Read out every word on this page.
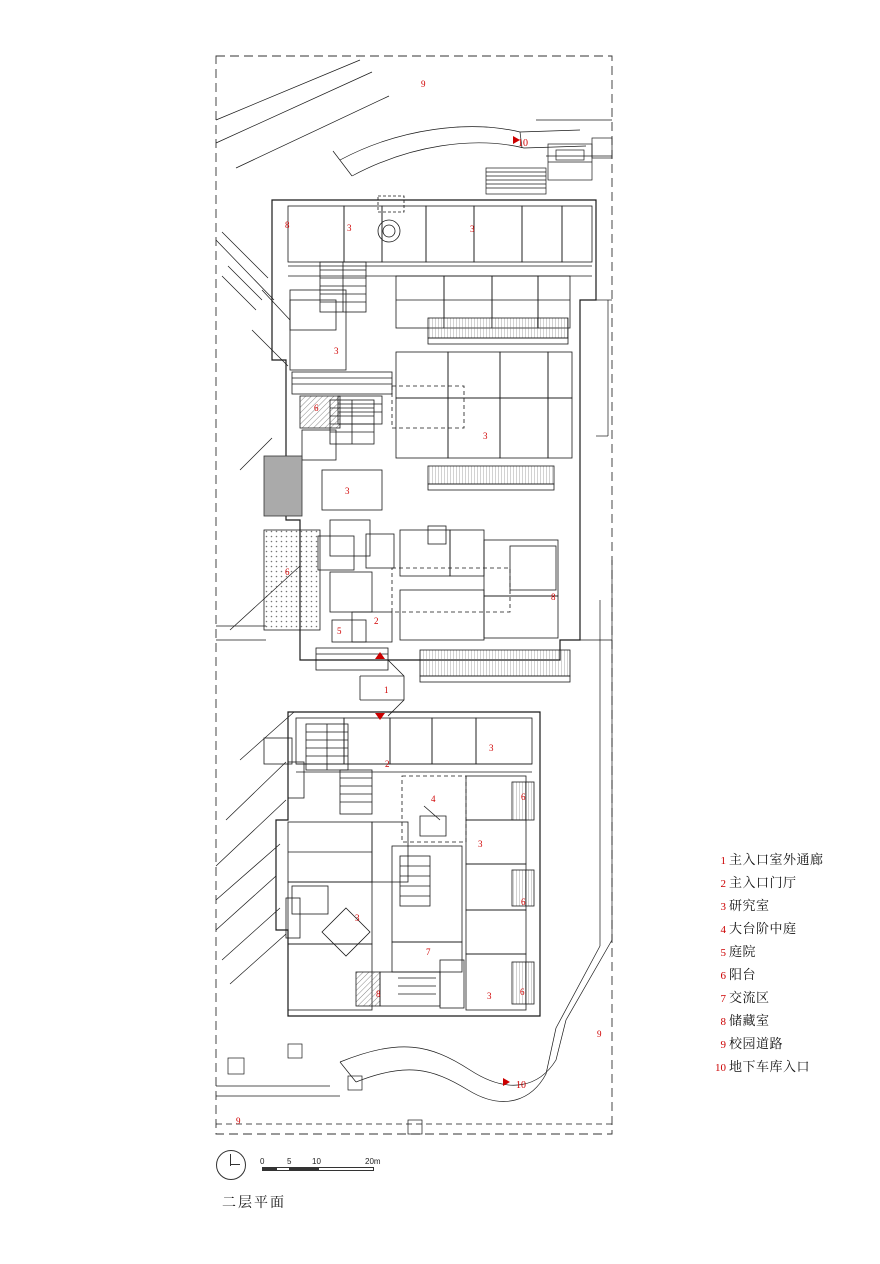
9
10
8	3	3
3
6
3
3
6
8
2
5
1
3
2
4	6
3
3
6
7
6
3
8
9
10
9
1 主入口室外通廊
2 主入口门厅
3 研究室
4 大台阶中庭
5 庭院
6 阳台
7 交流区
8 储藏室
9 校园道路
10 地下车库入口
0	5	10	20m
二层平面
